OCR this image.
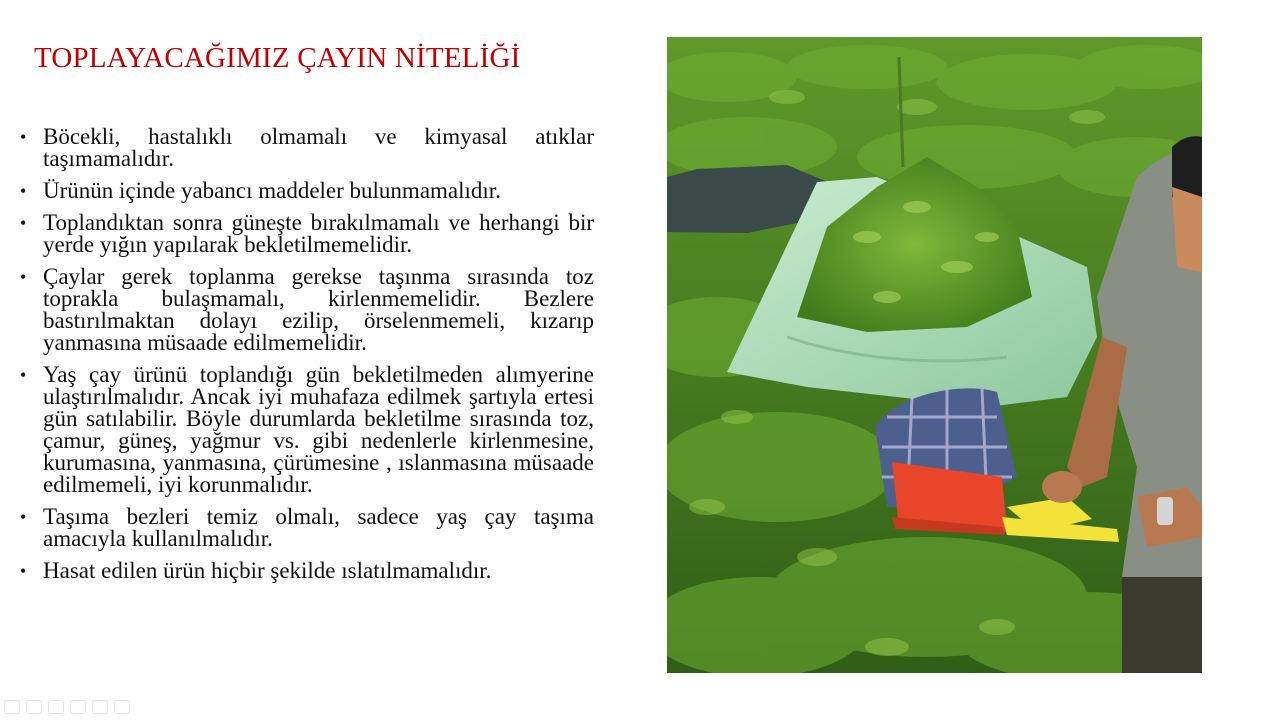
TOPLAYACAĞIMIZ ÇAYIN NİTELİĞİ
• Böcekli, hastalıklı olmamalı ve kimyasal atıklar taşımamalıdır.
• Ürünün içinde yabancı maddeler bulunmamalıdır.
• Toplandıktan sonra güneşte bırakılmamalı ve herhangi bir yerde yığın yapılarak bekletilmemelidir.
• Çaylar gerek toplanma gerekse taşınma sırasında toz toprakla bulaşmamalı, kirlenmemelidir. Bezlere bastırılmaktan dolayı ezilip, örselenmemeli, kızarıp yanmasına müsaade edilmemelidir.
• Yaş çay ürünü toplandığı gün bekletilmeden alımyerine ulaştırılmalıdır. Ancak iyi muhafaza edilmek şartıyla ertesi gün satılabilir. Böyle durumlarda bekletilme sırasında toz, çamur, güneş, yağmur vs. gibi nedenlerle kirlenmesine, kurumasına, yanmasına, çürümesine , ıslanmasına müsaade edilmemeli, iyi korunmalıdır.
• Taşıma bezleri temiz olmalı, sadece yaş çay taşıma amacıyla kullanılmalıdır.
• Hasat edilen ürün hiçbir şekilde ıslatılmamalıdır.
